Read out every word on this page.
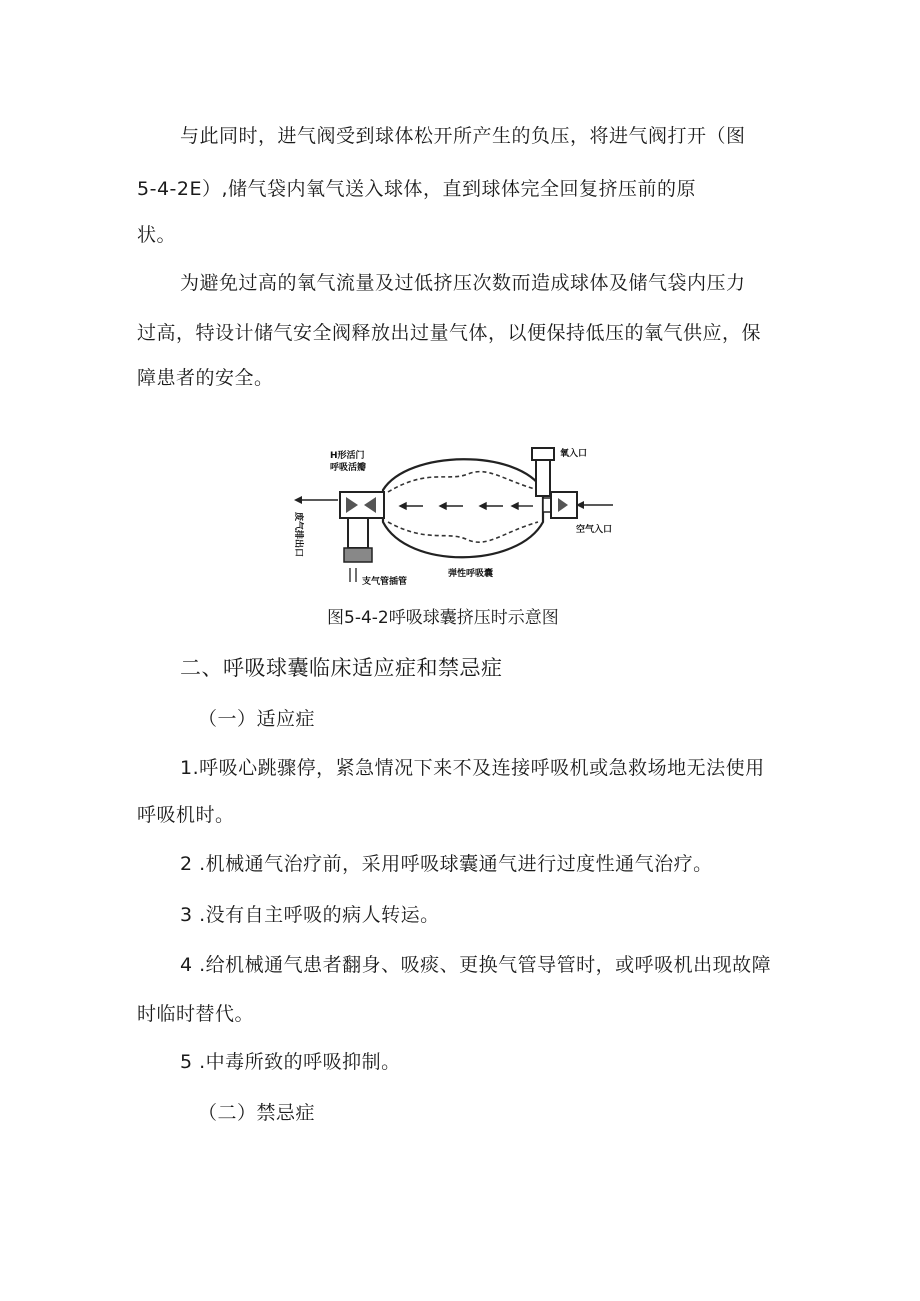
与此同时，进气阀受到球体松开所产生的负压，将进气阀打开（图
5-4-2E）,储气袋内氧气送入球体，直到球体完全回复挤压前的原
状。
为避免过高的氧气流量及过低挤压次数而造成球体及储气袋内压力
过高，特设计储气安全阀释放出过量气体，以便保持低压的氧气供应，保
障患者的安全。
H形活门
呼吸活瓣
氧入口
空气入口
废气排出口
弹性呼吸囊
支气管插管
图5-4-2呼吸球囊挤压时示意图
二、呼吸球囊临床适应症和禁忌症
（一）适应症
1.呼吸心跳骤停，紧急情况下来不及连接呼吸机或急救场地无法使用
呼吸机时。
2 .机械通气治疗前，采用呼吸球囊通气进行过度性通气治疗。
3 .没有自主呼吸的病人转运。
4 .给机械通气患者翻身、吸痰、更换气管导管时，或呼吸机出现故障
时临时替代。
5 .中毒所致的呼吸抑制。
（二）禁忌症
